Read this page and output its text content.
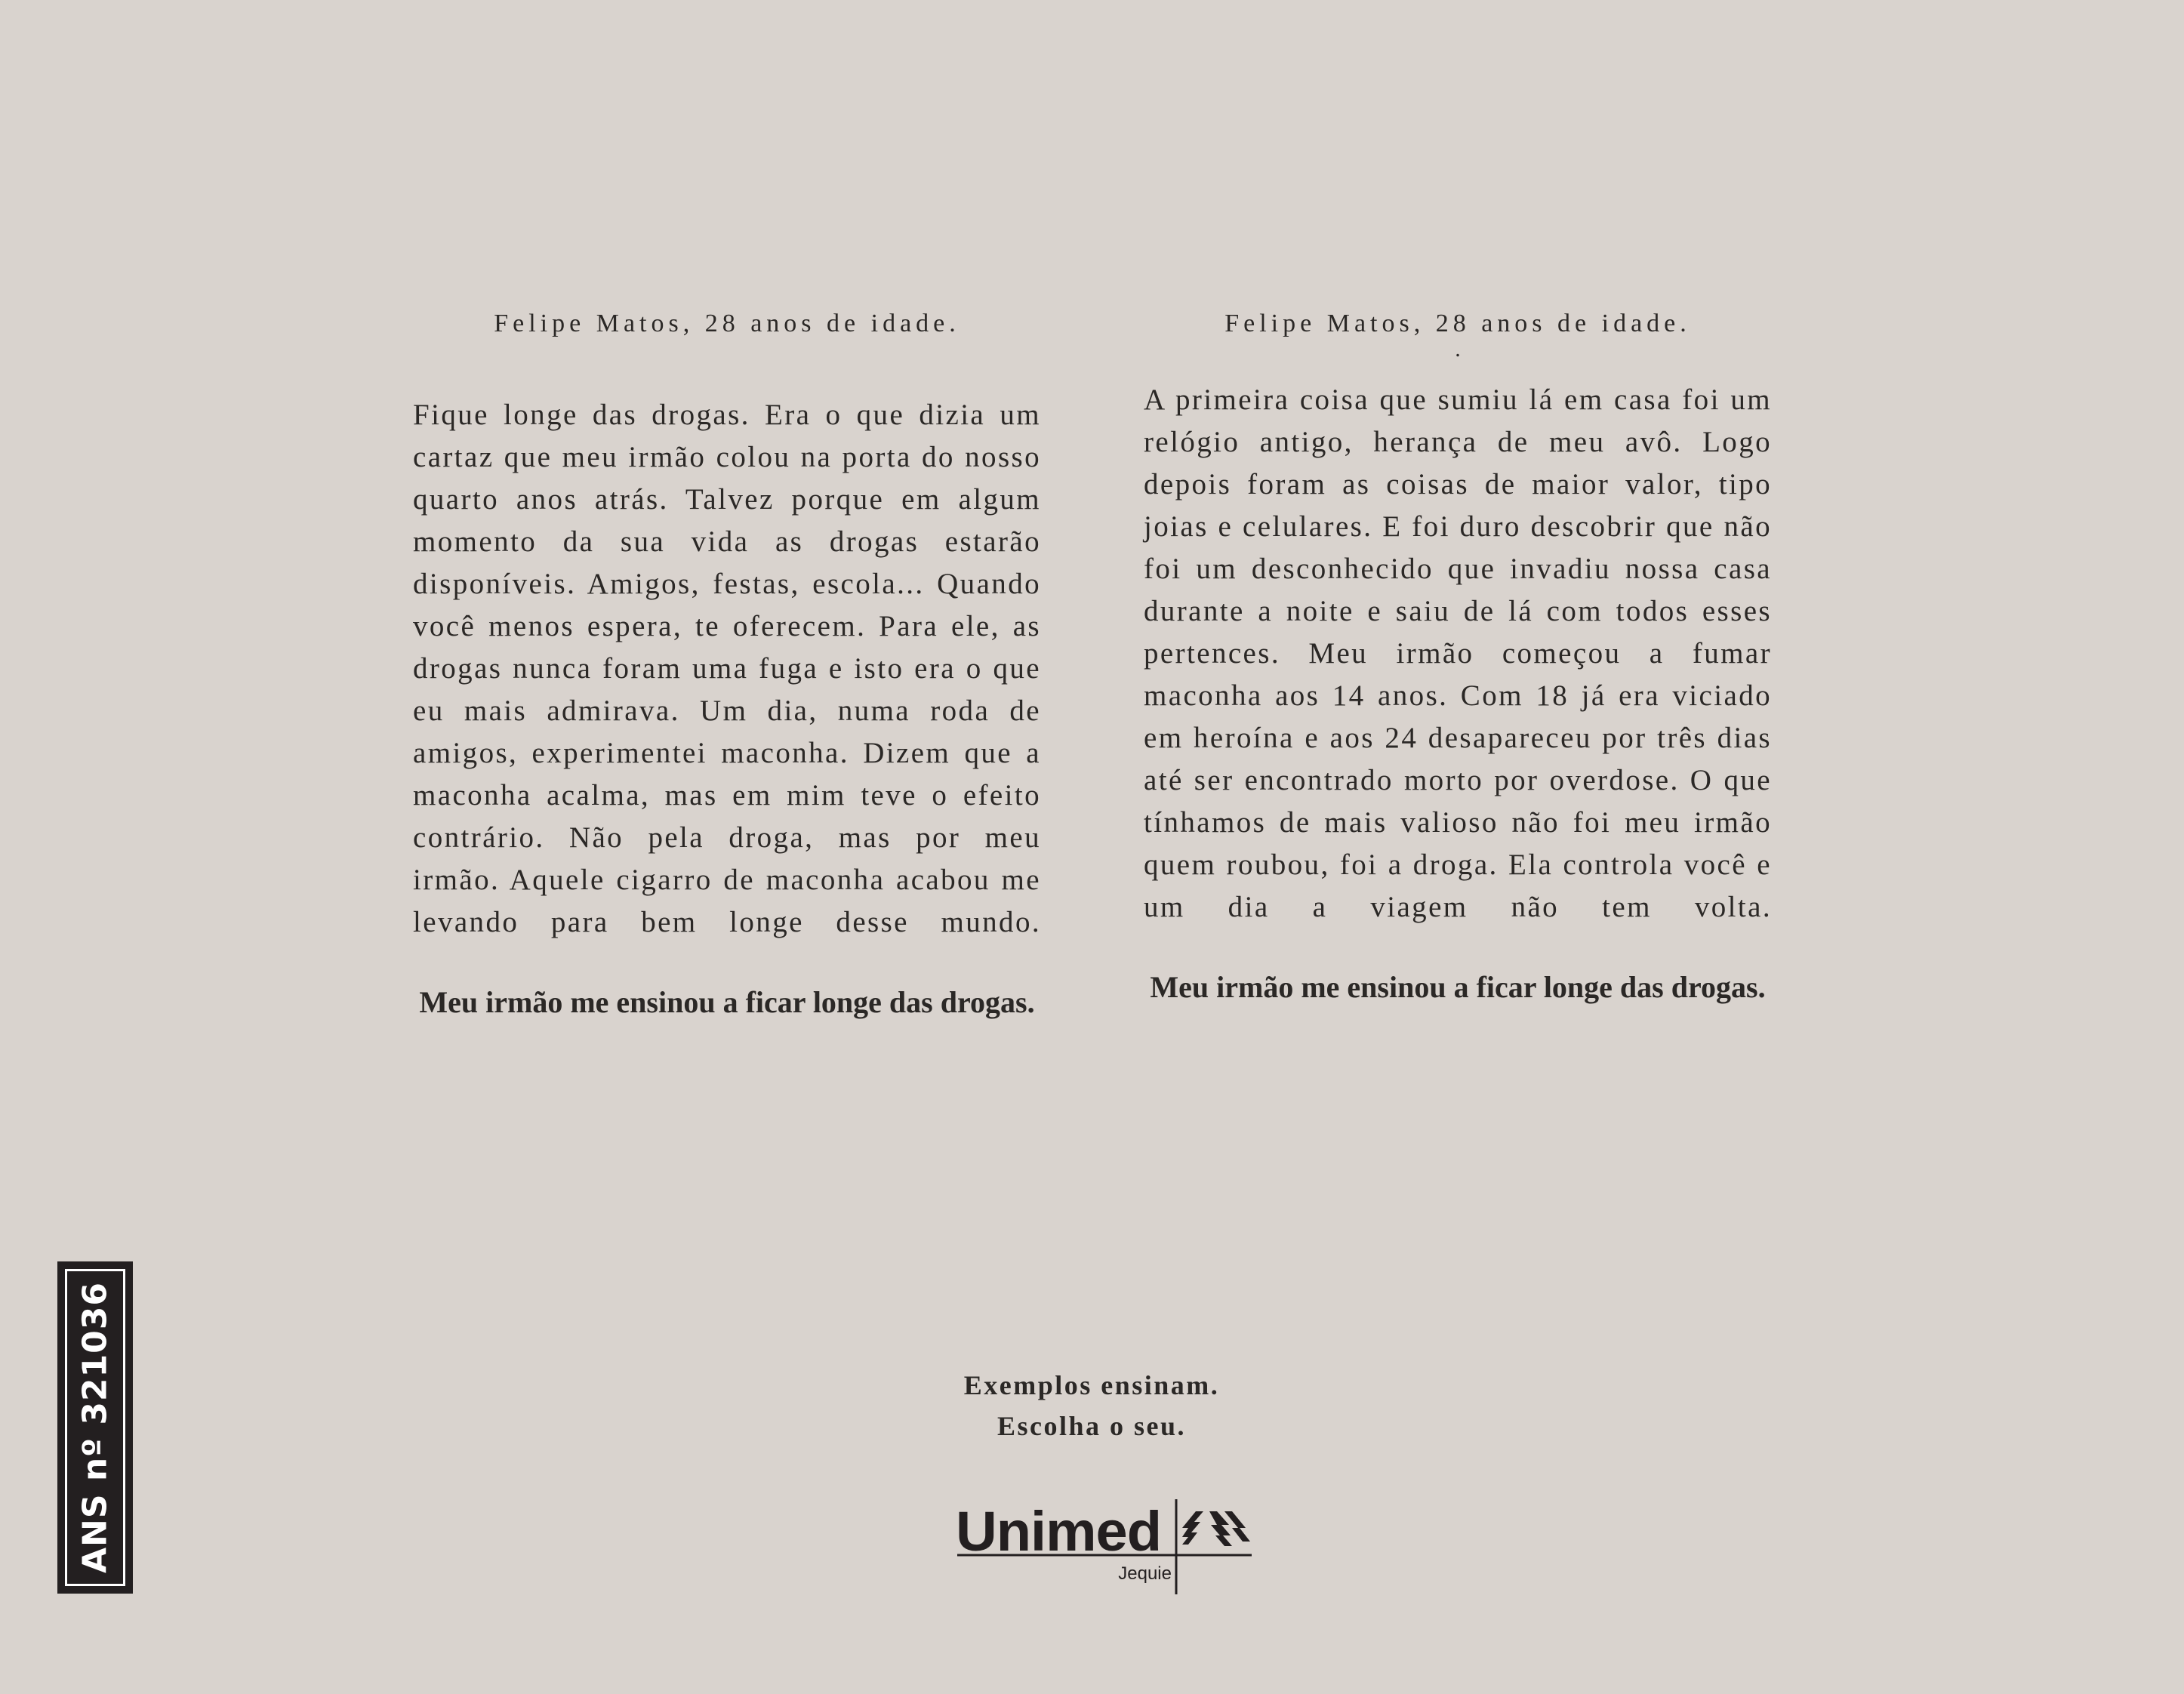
Felipe Matos, 28 anos de idade.

Fique longe das drogas. Era o que dizia um cartaz que meu irmão colou na porta do nosso quarto anos atrás. Talvez porque em algum momento da sua vida as drogas estarão disponíveis. Amigos, festas, escola... Quando você menos espera, te oferecem. Para ele, as drogas nunca foram uma fuga e isto era o que eu mais admirava. Um dia, numa roda de amigos, experimentei maconha. Dizem que a maconha acalma, mas em mim teve o efeito contrário. Não pela droga, mas por meu irmão. Aquele cigarro de maconha acabou me levando para bem longe desse mundo.

Meu irmão me ensinou a ficar longe das drogas.

Felipe Matos, 28 anos de idade.

.

A primeira coisa que sumiu lá em casa foi um relógio antigo, herança de meu avô. Logo depois foram as coisas de maior valor, tipo joias e celulares. E foi duro descobrir que não foi um desconhecido que invadiu nossa casa durante a noite e saiu de lá com todos esses pertences. Meu irmão começou a fumar maconha aos 14 anos. Com 18 já era viciado em heroína e aos 24 desapareceu por três dias até ser encontrado morto por overdose. O que tínhamos de mais valioso não foi meu irmão quem roubou, foi a droga. Ela controla você e um dia a viagem não tem volta.

Meu irmão me ensinou a ficar longe das drogas.

Exemplos ensinam.

Escolha o seu.

Unimed
Jequie
ANS nº 321036
